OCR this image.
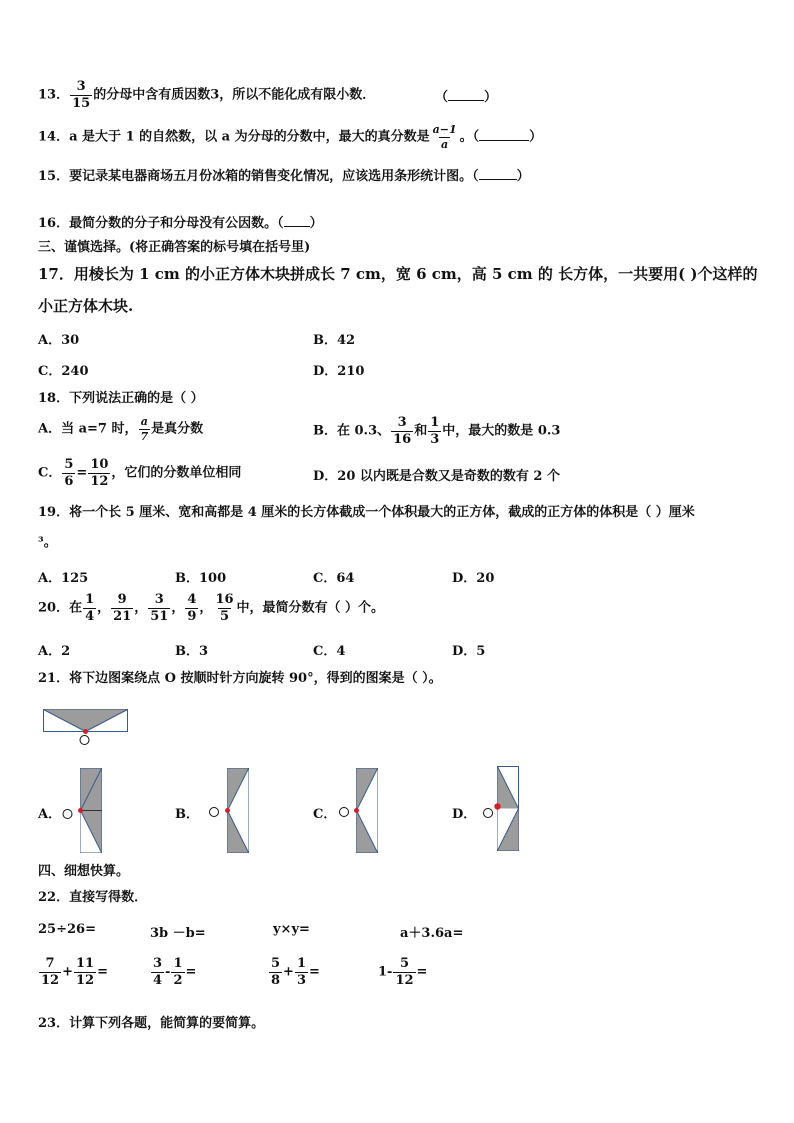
13． $\frac{3}{15}$ 的分母中含有质因数3，所以不能化成有限小数．	（	）
14．a 是大于 1 的自然数，以 a 为分母的分数中，最大的真分数是 $\frac{a-1}{a}$ 。（	）
15．要记录某电器商场五月份冰箱的销售变化情况，应该选用条形统计图。（	）
16．最简分数的分子和分母没有公因数。（ ）
三、谨慎选择。(将正确答案的标号填在括号里)
17．用棱长为 1 cm 的小正方体木块拼成长 7 cm，宽 6 cm，高 5 cm 的 长方体，一共要用( )个这样的
小正方体木块.
A．30	B．42
C．240	D．210
18．下列说法正确的是（ ）
A．当 a=7 时， $\frac{a}{7}$ 是真分数	B．在 0.3、 $\frac{3}{16}$ 和 $\frac{1}{3}$ 中，最大的数是 0.3
C． $\frac{5}{6} = \frac{10}{12}$ ，它们的分数单位相同	D．20 以内既是合数又是奇数的数有 2 个
19．将一个长 5 厘米、宽和高都是 4 厘米的长方体截成一个体积最大的正方体，截成的正方体的体积是（ ）厘米
³。
A．125	B．100	C．64	D．20
20．在 $\frac{1}{4}$ ， $\frac{9}{21}$ ， $\frac{3}{51}$ ， $\frac{4}{9}$ ， $\frac{16}{5}$ 中，最简分数有（ ）个。
A．2	B．3	C．4	D．5
21．将下边图案绕点 O 按顺时针方向旋转 90°，得到的图案是（ ）。
A．	B．	C．	D．
四、细想快算。
22．直接写得数．
25÷26=	3b －b=	y×y=	a＋3.6a=
$\frac{7}{12} + \frac{11}{12}$ =	$\frac{3}{4} - \frac{1}{2}$ =	$\frac{5}{8} + \frac{1}{3}$ =	$1- \frac{5}{12}$ =
23．计算下列各题，能简算的要简算。
